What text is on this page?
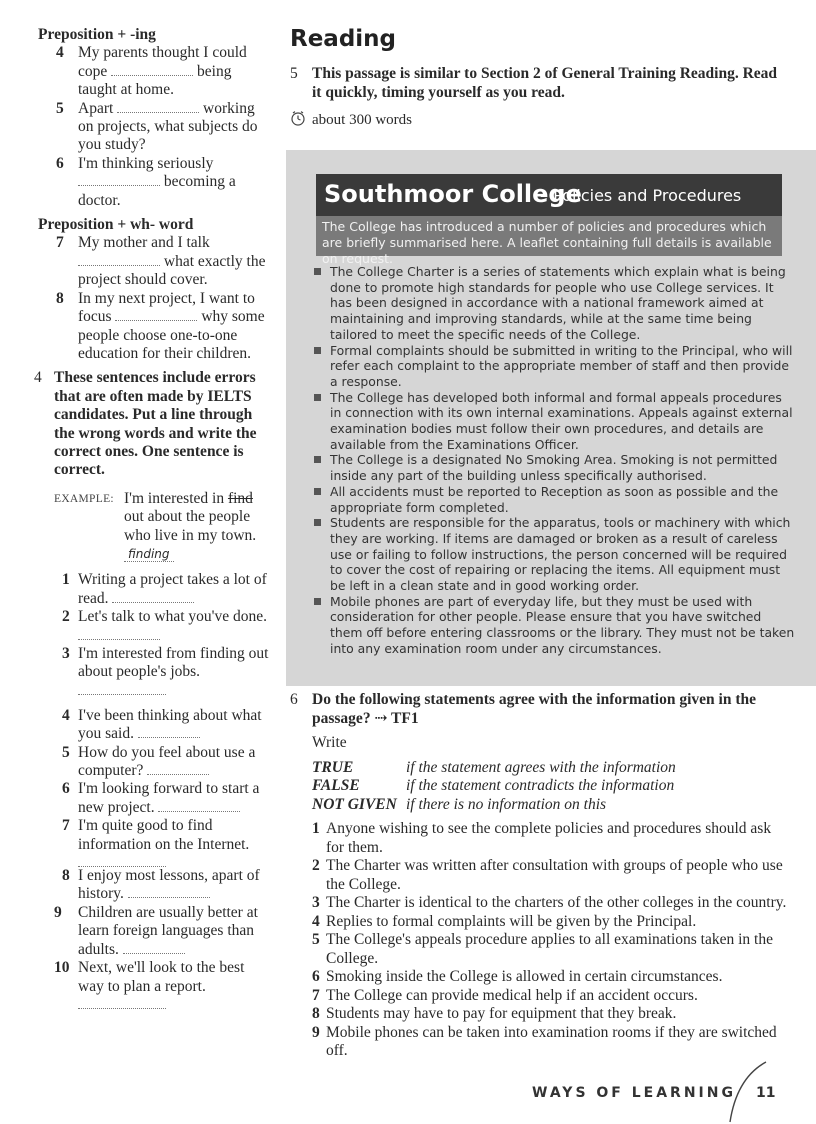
Preposition + -ing

4 My parents thought I could cope	being taught at home.

5 Apart	working on projects, what subjects do you study?

6 I'm thinking seriously  becoming a doctor.

Preposition + wh- word

7 My mother and I talk  what exactly the project should cover.

8 In my next project, I want to focus	why some people choose one-to-one education for their children.

4 These sentences include errors that are often made by IELTS candidates. Put a line through the wrong words and write the correct ones. One sentence is correct.
EXAMPLE: I'm interested in find out about the people who live in my town.
finding

1 Writing a project takes a lot of read.

2 Let's talk to what you've done.

3 I'm interested from finding out about people's jobs.

4 I've been thinking about what you said.

5 How do you feel about use a computer?

6 I'm looking forward to start a new project.

7 I'm quite good to find information on the Internet.

8 I enjoy most lessons, apart of history.

9 Children are usually better at learn foreign languages than adults.

10 Next, we'll look to the best way to plan a report.

Reading
5 This passage is similar to Section 2 of General Training Reading. Read it quickly, timing yourself as you read.
about 300 words
Southmoor College
– Policies and Procedures
The College has introduced a number of policies and procedures which are briefly summarised here. A leaflet containing full details is available on request.
The College Charter is a series of statements which explain what is being done to promote high standards for people who use College services. It has been designed in accordance with a national framework aimed at maintaining and improving standards, while at the same time being tailored to meet the specific needs of the College.
Formal complaints should be submitted in writing to the Principal, who will refer each complaint to the appropriate member of staff and then provide a response.
The College has developed both informal and formal appeals procedures in connection with its own internal examinations. Appeals against external examination bodies must follow their own procedures, and details are available from the Examinations Officer.
The College is a designated No Smoking Area. Smoking is not permitted inside any part of the building unless specifically authorised.
All accidents must be reported to Reception as soon as possible and the appropriate form completed.
Students are responsible for the apparatus, tools or machinery with which they are working. If items are damaged or broken as a result of careless use or failing to follow instructions, the person concerned will be required to cover the cost of repairing or replacing the items. All equipment must be left in a clean state and in good working order.
Mobile phones are part of everyday life, but they must be used with consideration for other people. Please ensure that you have switched them off before entering classrooms or the library. They must not be taken into any examination room under any circumstances.
6 Do the following statements agree with the information given in the passage? ⇢ TF1
Write
TRUE	if the statement agrees with the information
FALSE	if the statement contradicts the information
NOT GIVEN if there is no information on this
1 Anyone wishing to see the complete policies and procedures should ask for them.
2 The Charter was written after consultation with groups of people who use the College.
3 The Charter is identical to the charters of the other colleges in the country.
4 Replies to formal complaints will be given by the Principal.
5 The College's appeals procedure applies to all examinations taken in the College.
6 Smoking inside the College is allowed in certain circumstances.
7 The College can provide medical help if an accident occurs.
8 Students may have to pay for equipment that they break.
9 Mobile phones can be taken into examination rooms if they are switched off.
WAYS OF LEARNING 11
